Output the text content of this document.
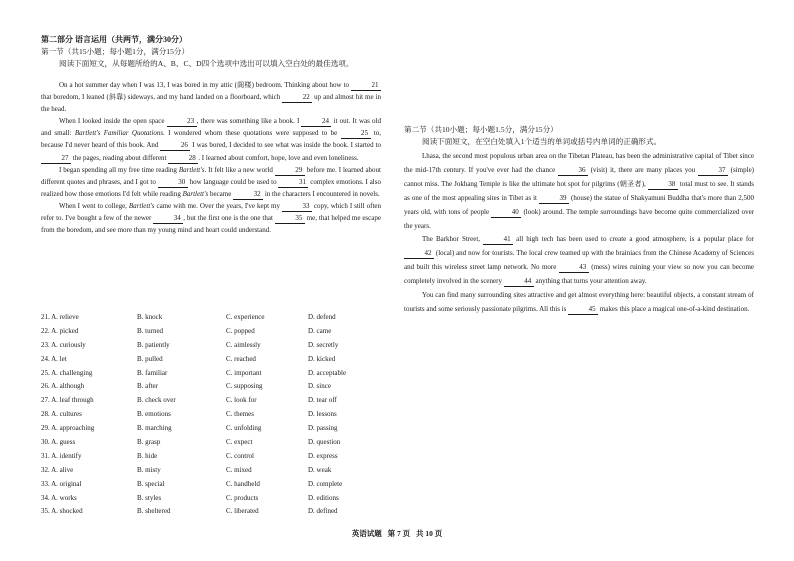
第二部分 语言运用（共两节，满分30分）
第一节（共15小题；每小题1分，满分15分）
阅读下面短文，从每题所给的A、B、C、D四个选项中选出可以填入空白处的最佳选项。

On a hot summer day when I was 13, I was bored in my attic (阁楼) bedroom. Thinking about how to	21 that boredom, I leaned (斜靠) sideways, and my hand landed on a floorboard, which	22 up and almost hit me in the head.

When I looked inside the open space	23 , there was something like a book. I	24 it out. It was old and small: Bartlett's Familiar Quotations. I wondered whom these quotations were supposed to be	25 to, because I'd never heard of this book. And	26 I was bored, I decided to see what was inside the book. I started to 27 the pages, reading about different	28 . I learned about comfort, hope, love and even loneliness.

I began spending all my free time reading Bartlett's. It felt like a new world	29 before me. I learned about different quotes and phrases, and I got to	30 how language could be used to	31 complex emotions. I also realized how those emotions I'd felt while reading Bartlett's became	32 in the characters I encountered in novels.

When I went to college, Bartlett's came with me. Over the years, I've kept my	33 copy, which I still often refer to. I've bought a few of the newer	34 , but the first one is the one that	35 me, that helped me escape from the boredom, and see more than my young mind and heart could understand.

21. A. relieve	B. knock	C. experience	D. defend
22. A. picked	B. turned	C. popped	D. came
23. A. curiously	B. patiently	C. aimlessly	D. secretly
24. A. let	B. pulled	C. reached	D. kicked
25. A. challenging	B. familiar	C. important	D. acceptable
26. A. although	B. after	C. supposing	D. since
27. A. leaf through	B. check over	C. look for	D. tear off
28. A. cultures	B. emotions	C. themes	D. lessons
29. A. approaching	B. marching	C. unfolding	D. passing
30. A. guess	B. grasp	C. expect	D. question
31. A. identify	B. hide	C. control	D. express
32. A. alive	B. misty	C. mixed	D. weak
33. A. original	B. special	C. handheld	D. complete
34. A. works	B. styles	C. products	D. editions
35. A. shocked	B. sheltered	C. liberated	D. defined
第二节（共10小题；每小题1.5分，满分15分）
阅读下面短文，在空白处填入1个适当的单词或括号内单词的正确形式。

Lhasa, the second most populous urban area on the Tibetan Plateau, has been the administrative capital of Tibet since the mid-17th century. If you've ever had the chance	36 (visit) it, there are many places you	37 (simple) cannot miss. The Jokhang Temple is like the ultimate hot spot for pilgrims (朝圣者),	38 total must to see. It stands as one of the most appealing sites in Tibet as it	39 (house) the statue of Shakyamuni Buddha that's more than 2,500 years old, with tons of people	40 (look) around. The temple surroundings have become quite commercialized over the years.

The Barkhor Street,	41 all high tech has been used to create a good atmosphere, is a popular place for 42 (local) and now for tourists. The local crew teamed up with the brainiacs from the Chinese Academy of Sciences and built this wireless street lamp network. No more	43 (mess) wires ruining your view so now you can become completely involved in the scenery	44 anything that turns your attention away.

You can find many surrounding sites attractive and get almost everything here: beautiful objects, a constant stream of tourists and some seriously passionate pilgrims. All this is	45 makes this place a magical one-of-a-kind destination.

英语试题 第 7 页 共 10 页
